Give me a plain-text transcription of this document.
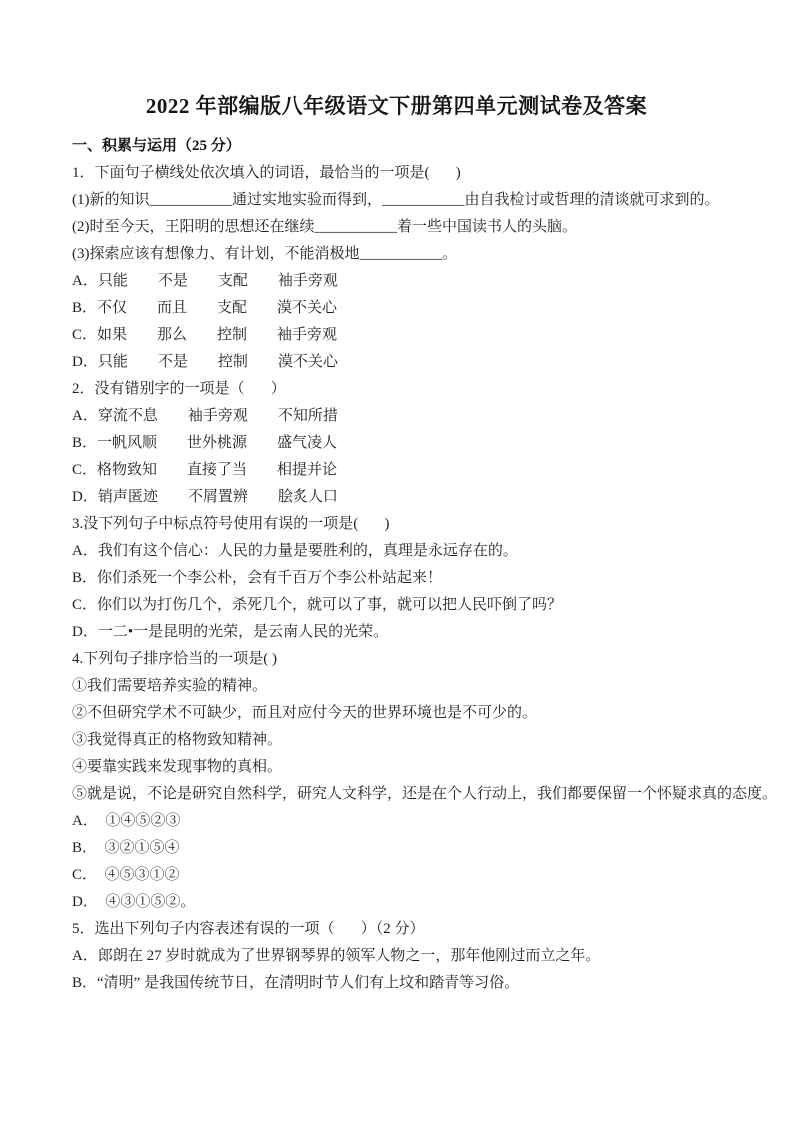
2022 年部编版八年级语文下册第四单元测试卷及答案
一、积累与运用（25 分）
1．下面句子横线处依次填入的词语，最恰当的一项是(       )
(1)新的知识___________通过实地实验而得到，___________由自我检讨或哲理的清谈就可求到的。
(2)时至今天，王阳明的思想还在继续___________着一些中国读书人的头脑。
(3)探索应该有想像力、有计划，不能消极地___________。
A．只能　　不是　　支配　　袖手旁观
B．不仅　　而且　　支配　　漠不关心
C．如果　　那么　　控制　　袖手旁观
D．只能　　不是　　控制　　漠不关心
2．没有错别字的一项是（       ）
A．穿流不息　　袖手旁观　　不知所措
B．一帆风顺　　世外桃源　　盛气凌人
C．格物致知　　直接了当　　相提并论
D．销声匿迹　　不屑置辨　　脍炙人口
3.没下列句子中标点符号使用有误的一项是(       )
A．我们有这个信心：人民的力量是要胜利的，真理是永远存在的。
B．你们杀死一个李公朴，会有千百万个李公朴站起来！
C．你们以为打伤几个，杀死几个，就可以了事，就可以把人民吓倒了吗？
D．一二•一是昆明的光荣，是云南人民的光荣。
4.下列句子排序恰当的一项是( )
①我们需要培养实验的精神。
②不但研究学术不可缺少，而且对应付今天的世界环境也是不可少的。
③我觉得真正的格物致知精神。
④要靠实践来发现事物的真相。
⑤就是说，不论是研究自然科学，研究人文科学，还是在个人行动上，我们都要保留一个怀疑求真的态度。
A．　①④⑤②③
B．　③②①⑤④
C．　④⑤③①②
D．　④③①⑤②。
5．选出下列句子内容表述有误的一项（       ）（2 分）
A．郎朗在 27 岁时就成为了世界钢琴界的领军人物之一，那年他刚过而立之年。
B．“清明” 是我国传统节日，在清明时节人们有上坟和踏青等习俗。
